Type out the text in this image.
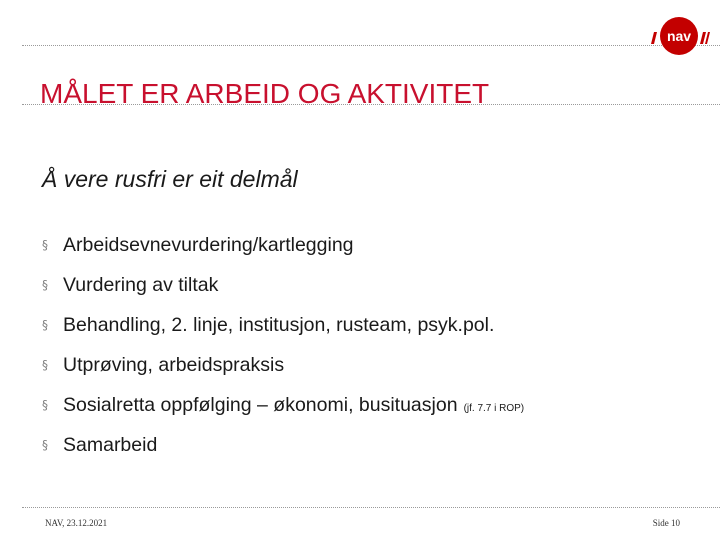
nav
MÅLET ER ARBEID OG AKTIVITET
Å vere rusfri er eit delmål
§ Arbeidsevnevurdering/kartlegging
§ Vurdering av tiltak
§ Behandling, 2. linje, institusjon, rusteam, psyk.pol.
§ Utprøving, arbeidspraksis
§ Sosialretta oppfølging – økonomi, busituasjon (jf. 7.7 i ROP)
§ Samarbeid
NAV, 23.12.2021	Side 10
